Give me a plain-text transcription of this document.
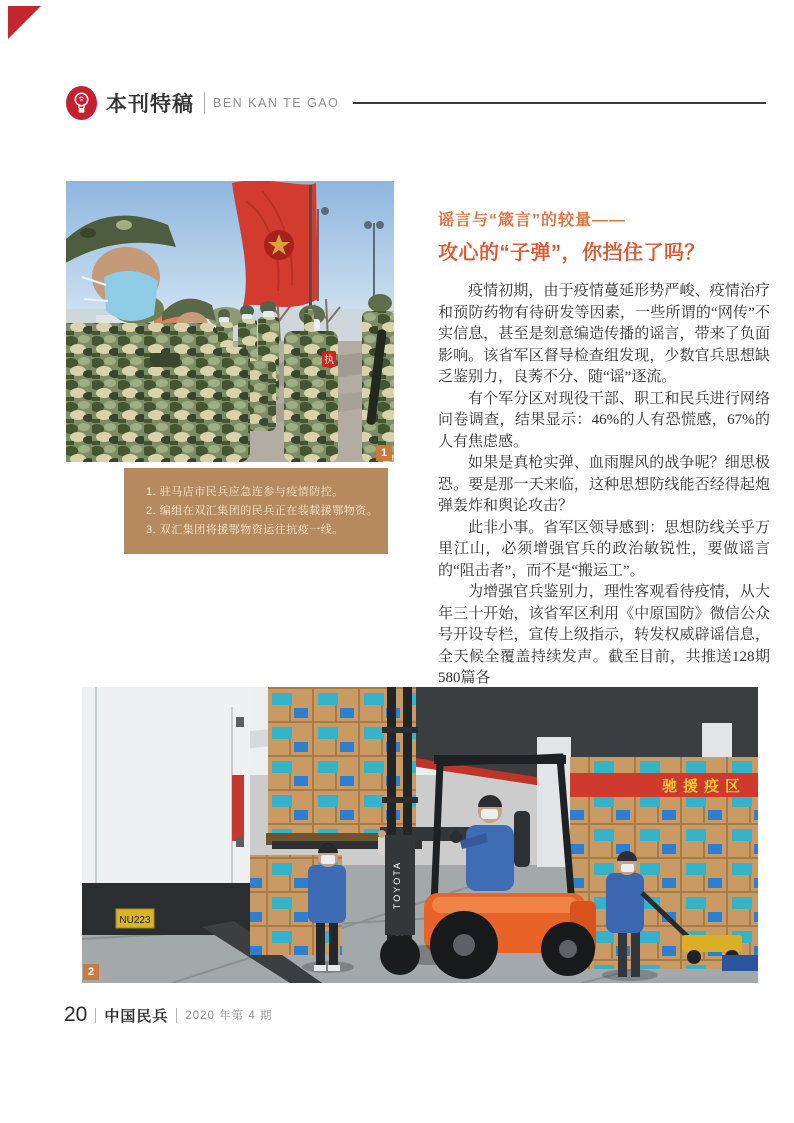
本刊特稿 BEN KAN TE GAO
执
1
1. 驻马店市民兵应急连参与疫情防控。
2. 编组在双汇集团的民兵正在装载援鄂物资。
3. 双汇集团将援鄂物资运往抗疫一线。
谣言与“箴言”的较量——
攻心的“子弹”，你挡住了吗？

疫情初期，由于疫情蔓延形势严峻、疫情治疗和预防药物有待研发等因素，一些所谓的“网传”不实信息，甚至是刻意编造传播的谣言，带来了负面影响。该省军区督导检查组发现，少数官兵思想缺乏鉴别力，良莠不分、随“谣”逐流。

有个军分区对现役干部、职工和民兵进行网络问卷调查，结果显示：46%的人有恐慌感，67%的人有焦虑感。

如果是真枪实弹、血雨腥风的战争呢？细思极恐。要是那一天来临，这种思想防线能否经得起炮弹轰炸和舆论攻击？

此非小事。省军区领导感到：思想防线关乎万里江山，必须增强官兵的政治敏锐性，要做谣言的“阻击者”，而不是“搬运工”。

为增强官兵鉴别力，理性客观看待疫情，从大年三十开始，该省军区利用《中原国防》微信公众号开设专栏，宣传上级指示，转发权威辟谣信息，全天候全覆盖持续发声。截至目前，共推送128期580篇各

驰援疫区
NU223
TOYOTA
2
20 中国民兵 2020 年第 4 期
